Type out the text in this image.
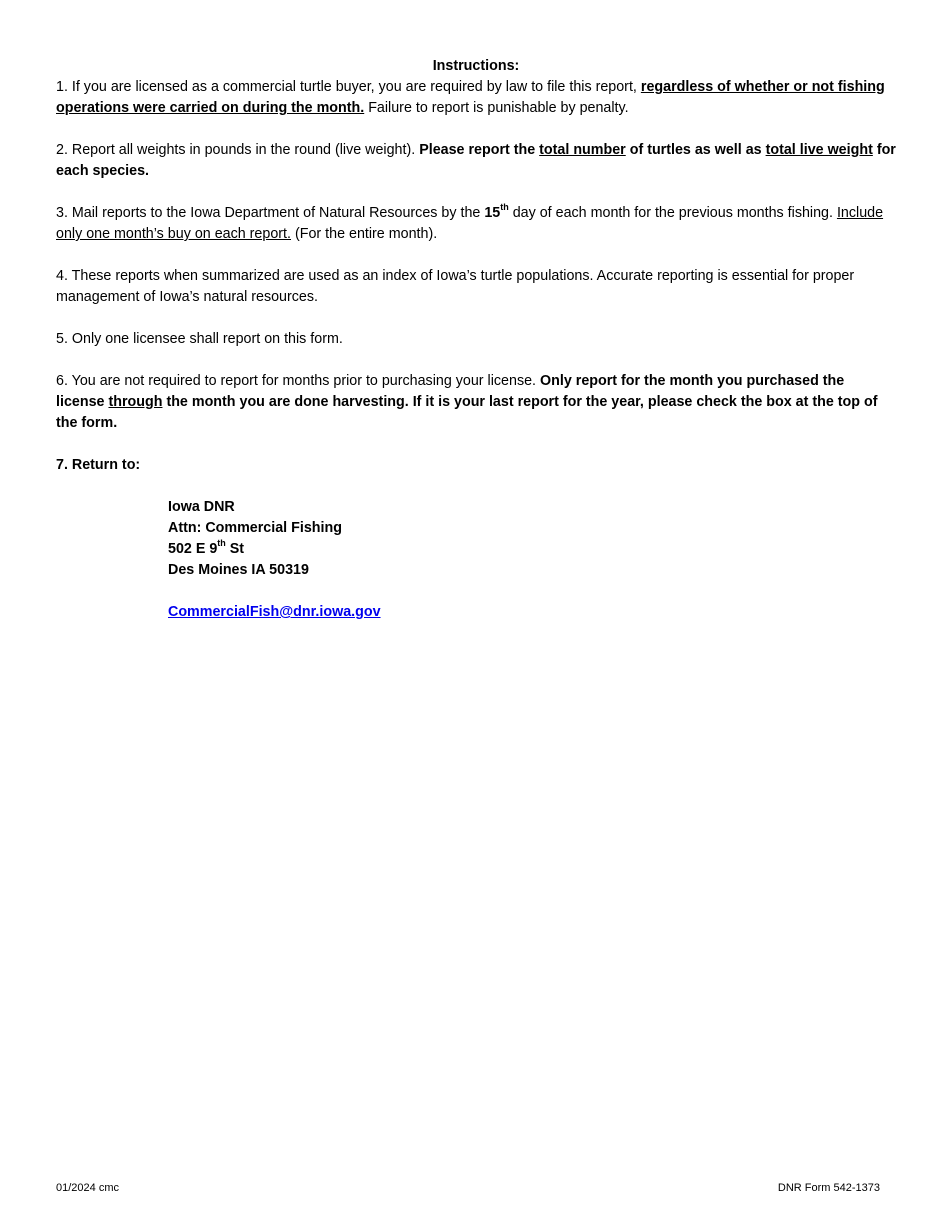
Instructions:

1. If you are licensed as a commercial turtle buyer, you are required by law to file this report, regardless of whether or not fishing operations were carried on during the month. Failure to report is punishable by penalty.

2. Report all weights in pounds in the round (live weight). Please report the total number of turtles as well as total live weight for each species.

3. Mail reports to the Iowa Department of Natural Resources by the 15th day of each month for the previous months fishing. Include only one month’s buy on each report. (For the entire month).

4. These reports when summarized are used as an index of Iowa’s turtle populations. Accurate reporting is essential for proper management of Iowa’s natural resources.

5. Only one licensee shall report on this form.

6. You are not required to report for months prior to purchasing your license. Only report for the month you purchased the license through the month you are done harvesting. If it is your last report for the year, please check the box at the top of the form.

7. Return to:

Iowa DNR
Attn: Commercial Fishing
502 E 9th St
Des Moines IA 50319
CommercialFish@dnr.iowa.gov
01/2024 cmc	DNR Form 542-1373
